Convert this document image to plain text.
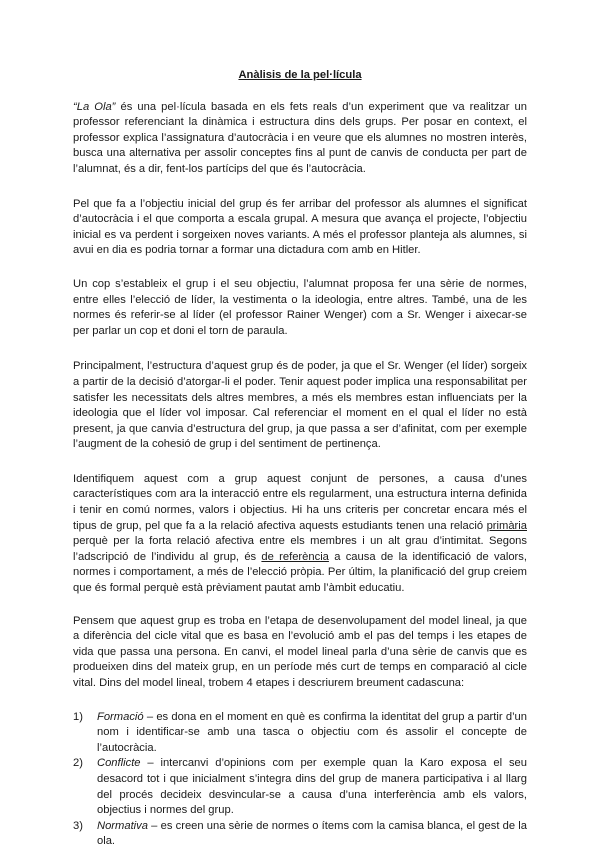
Anàlisis de la pel·lícula

“La Ola” és una pel·lícula basada en els fets reals d’un experiment que va realitzar un professor referenciant la dinàmica i estructura dins dels grups. Per posar en context, el professor explica l’assignatura d’autocràcia i en veure que els alumnes no mostren interès, busca una alternativa per assolir conceptes fins al punt de canvis de conducta per part de l’alumnat, és a dir, fent-los partícips del que és l’autocràcia.

Pel que fa a l’objectiu inicial del grup és fer arribar del professor als alumnes el significat d’autocràcia i el que comporta a escala grupal. A mesura que avança el projecte, l’objectiu inicial es va perdent i sorgeixen noves variants. A més el professor planteja als alumnes, si avui en dia es podria tornar a formar una dictadura com amb en Hitler.

Un cop s’estableix el grup i el seu objectiu, l’alumnat proposa fer una sèrie de normes, entre elles l’elecció de líder, la vestimenta o la ideologia, entre altres. També, una de les normes és referir-se al líder (el professor Rainer Wenger) com a Sr. Wenger i aixecar-se per parlar un cop et doni el torn de paraula.

Principalment, l’estructura d’aquest grup és de poder, ja que el Sr. Wenger (el líder) sorgeix a partir de la decisió d’atorgar-li el poder. Tenir aquest poder implica una responsabilitat per satisfer les necessitats dels altres membres, a més els membres estan influenciats per la ideologia que el líder vol imposar. Cal referenciar el moment en el qual el líder no està present, ja que canvia d’estructura del grup, ja que passa a ser d’afinitat, com per exemple l’augment de la cohesió de grup i del sentiment de pertinença.

Identifiquem aquest com a grup aquest conjunt de persones, a causa d’unes característiques com ara la interacció entre els regularment, una estructura interna definida i tenir en comú normes, valors i objectius. Hi ha uns criteris per concretar encara més el tipus de grup, pel que fa a la relació afectiva aquests estudiants tenen una relació primària perquè per la forta relació afectiva entre els membres i un alt grau d’intimitat. Segons l’adscripció de l’individu al grup, és de referència a causa de la identificació de valors, normes i comportament, a més de l’elecció pròpia. Per últim, la planificació del grup creiem que és formal perquè està prèviament pautat amb l’àmbit educatiu.

Pensem que aquest grup es troba en l’etapa de desenvolupament del model lineal, ja que a diferència del cicle vital que es basa en l’evolució amb el pas del temps i les etapes de vida que passa una persona. En canvi, el model lineal parla d’una sèrie de canvis que es produeixen dins del mateix grup, en un període més curt de temps en comparació al cicle vital. Dins del model lineal, trobem 4 etapes i descriurem breument cadascuna:

1) Formació – es dona en el moment en què es confirma la identitat del grup a partir d’un nom i identificar-se amb una tasca o objectiu com és assolir el concepte de l’autocràcia.
2) Conflicte – intercanvi d’opinions com per exemple quan la Karo exposa el seu desacord tot i que inicialment s’integra dins del grup de manera participativa i al llarg del procés decideix desvincular-se a causa d’una interferència amb els valors, objectius i normes del grup.
3) Normativa – es creen una sèrie de normes o ítems com la camisa blanca, el gest de la ola.
